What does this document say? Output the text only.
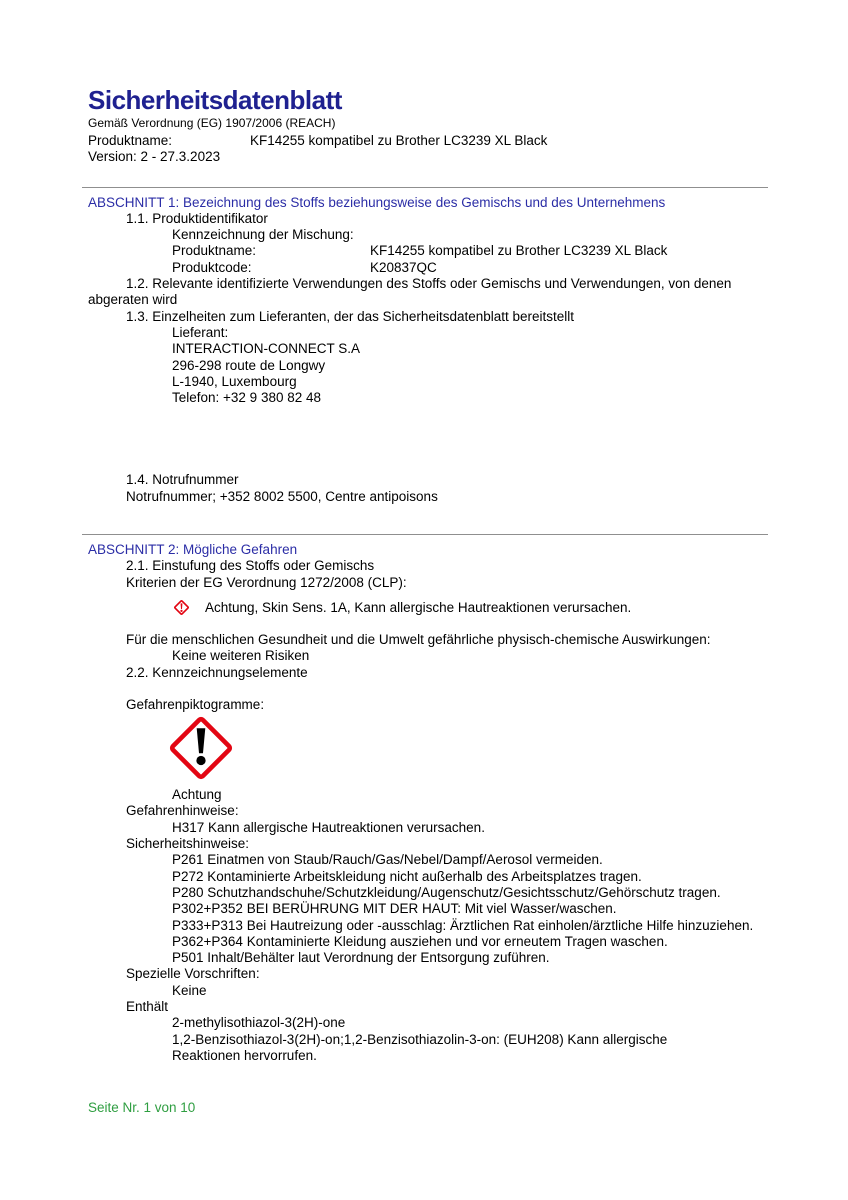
Sicherheitsdatenblatt
Gemäß Verordnung (EG) 1907/2006 (REACH)
Produktname:	KF14255 kompatibel zu Brother LC3239 XL Black
Version: 2 - 27.3.2023
ABSCHNITT 1: Bezeichnung des Stoffs beziehungsweise des Gemischs und des Unternehmens
1.1. Produktidentifikator
Kennzeichnung der Mischung:
Produktname:	KF14255 kompatibel zu Brother LC3239 XL Black
Produktcode:	K20837QC
1.2. Relevante identifizierte Verwendungen des Stoffs oder Gemischs und Verwendungen, von denen abgeraten wird
1.3. Einzelheiten zum Lieferanten, der das Sicherheitsdatenblatt bereitstellt
Lieferant:
INTERACTION-CONNECT S.A
296-298 route de Longwy
L-1940, Luxembourg
Telefon: +32 9 380 82 48
1.4. Notrufnummer
Notrufnummer; +352 8002 5500, Centre antipoisons
ABSCHNITT 2: Mögliche Gefahren
2.1. Einstufung des Stoffs oder Gemischs
Kriterien der EG Verordnung 1272/2008 (CLP):
Achtung, Skin Sens. 1A, Kann allergische Hautreaktionen verursachen.
Für die menschlichen Gesundheit und die Umwelt gefährliche physisch-chemische Auswirkungen:
Keine weiteren Risiken
2.2. Kennzeichnungselemente
Gefahrenpiktogramme:
Achtung
Gefahrenhinweise:
H317 Kann allergische Hautreaktionen verursachen.
Sicherheitshinweise:
P261 Einatmen von Staub/Rauch/Gas/Nebel/Dampf/Aerosol vermeiden.
P272 Kontaminierte Arbeitskleidung nicht außerhalb des Arbeitsplatzes tragen.
P280 Schutzhandschuhe/Schutzkleidung/Augenschutz/Gesichtsschutz/Gehörschutz tragen.
P302+P352 BEI BERÜHRUNG MIT DER HAUT: Mit viel Wasser/waschen.
P333+P313 Bei Hautreizung oder -ausschlag: Ärztlichen Rat einholen/ärztliche Hilfe hinzuziehen.
P362+P364 Kontaminierte Kleidung ausziehen und vor erneutem Tragen waschen.
P501 Inhalt/Behälter laut Verordnung der Entsorgung zuführen.
Spezielle Vorschriften:
Keine
Enthält
2-methylisothiazol-3(2H)-one
1,2-Benzisothiazol-3(2H)-on;1,2-Benzisothiazolin-3-on: (EUH208) Kann allergische Reaktionen hervorrufen.
Seite Nr. 1 von 10
